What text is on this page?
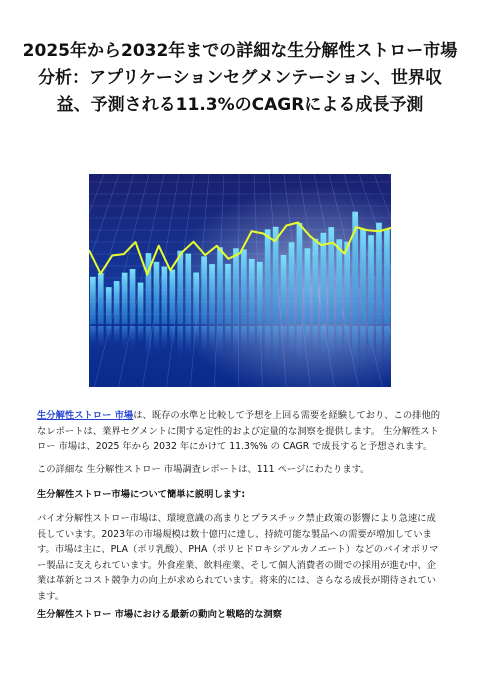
2025年から2032年までの詳細な生分解性ストロー市場分析：アプリケーションセグメンテーション、世界収益、予測される11.3%のCAGRによる成長予測

生分解性ストロー 市場は、既存の水準と比較して予想を上回る需要を経験しており、この排他的なレポートは、業界セグメントに関する定性的および定量的な洞察を提供します。 生分解性ストロー 市場は、2025 年から 2032 年にかけて 11.3%% の CAGR で成長すると予想されます。

この詳細な 生分解性ストロー 市場調査レポートは、111 ページにわたります。

生分解性ストロー市場について簡単に説明します:

バイオ分解性ストロー市場は、環境意識の高まりとプラスチック禁止政策の影響により急速に成長しています。2023年の市場規模は数十億円に達し、持続可能な製品への需要が増加しています。市場は主に、PLA（ポリ乳酸）、PHA（ポリヒドロキシアルカノエート）などのバイオポリマー製品に支えられています。外食産業、飲料産業、そして個人消費者の間での採用が進む中、企業は革新とコスト競争力の向上が求められています。将来的には、さらなる成長が期待されています。

生分解性ストロー 市場における最新の動向と戦略的な洞察
